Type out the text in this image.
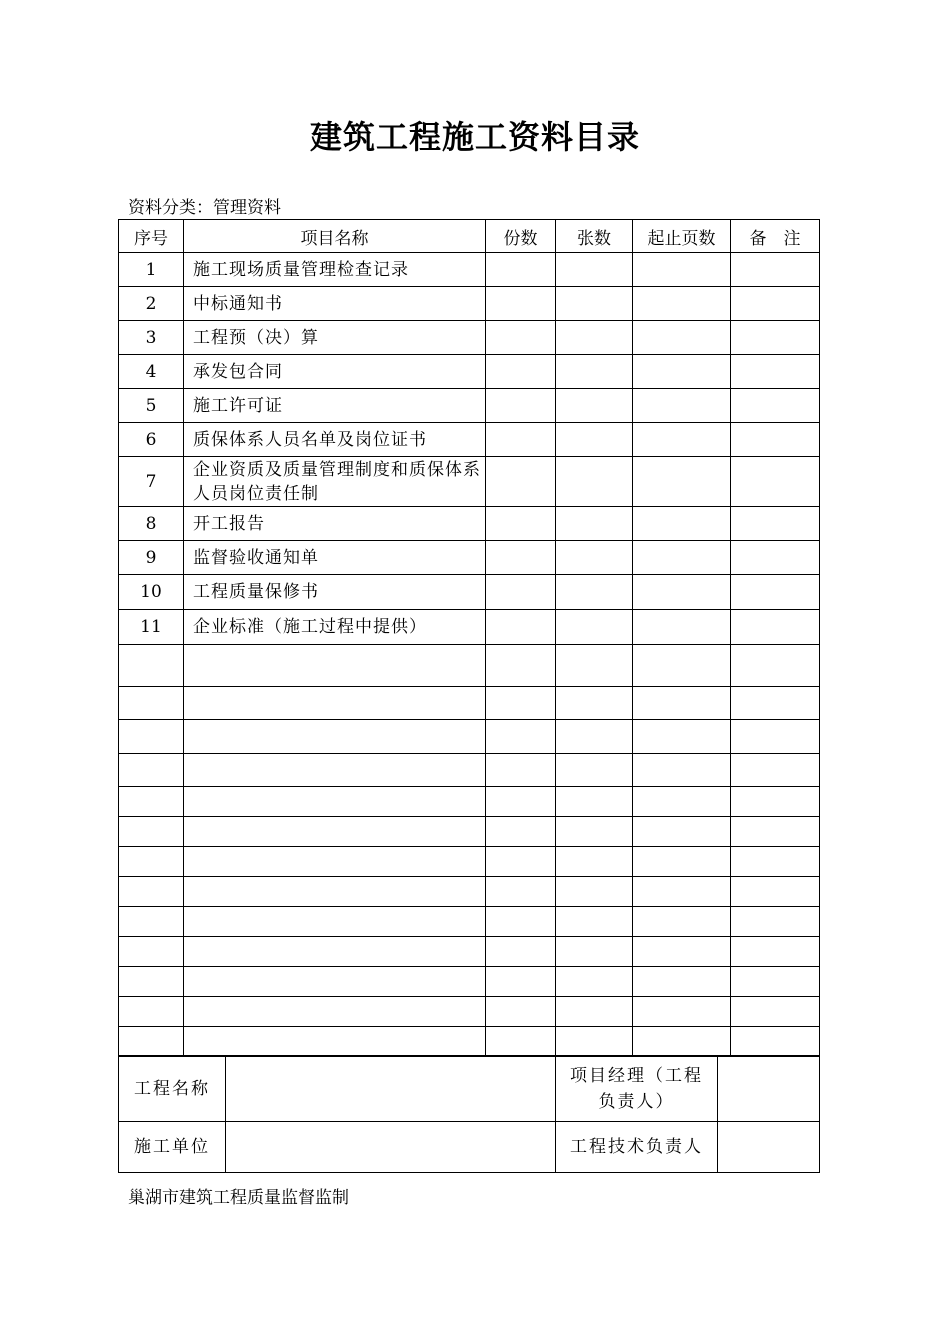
建筑工程施工资料目录
资料分类：管理资料
序号	项目名称	份数	张数	起止页数	备　注
1	施工现场质量管理检查记录				
2	中标通知书				
3	工程预（决）算				
4	承发包合同				
5	施工许可证				
6	质保体系人员名单及岗位证书				
7	企业资质及质量管理制度和质保体系人员岗位责任制				
8	开工报告				
9	监督验收通知单				
10	工程质量保修书				
11	企业标准（施工过程中提供）				

工程名称		项目经理（工程负责人）	
施工单位		工程技术负责人	
巢湖市建筑工程质量监督监制
